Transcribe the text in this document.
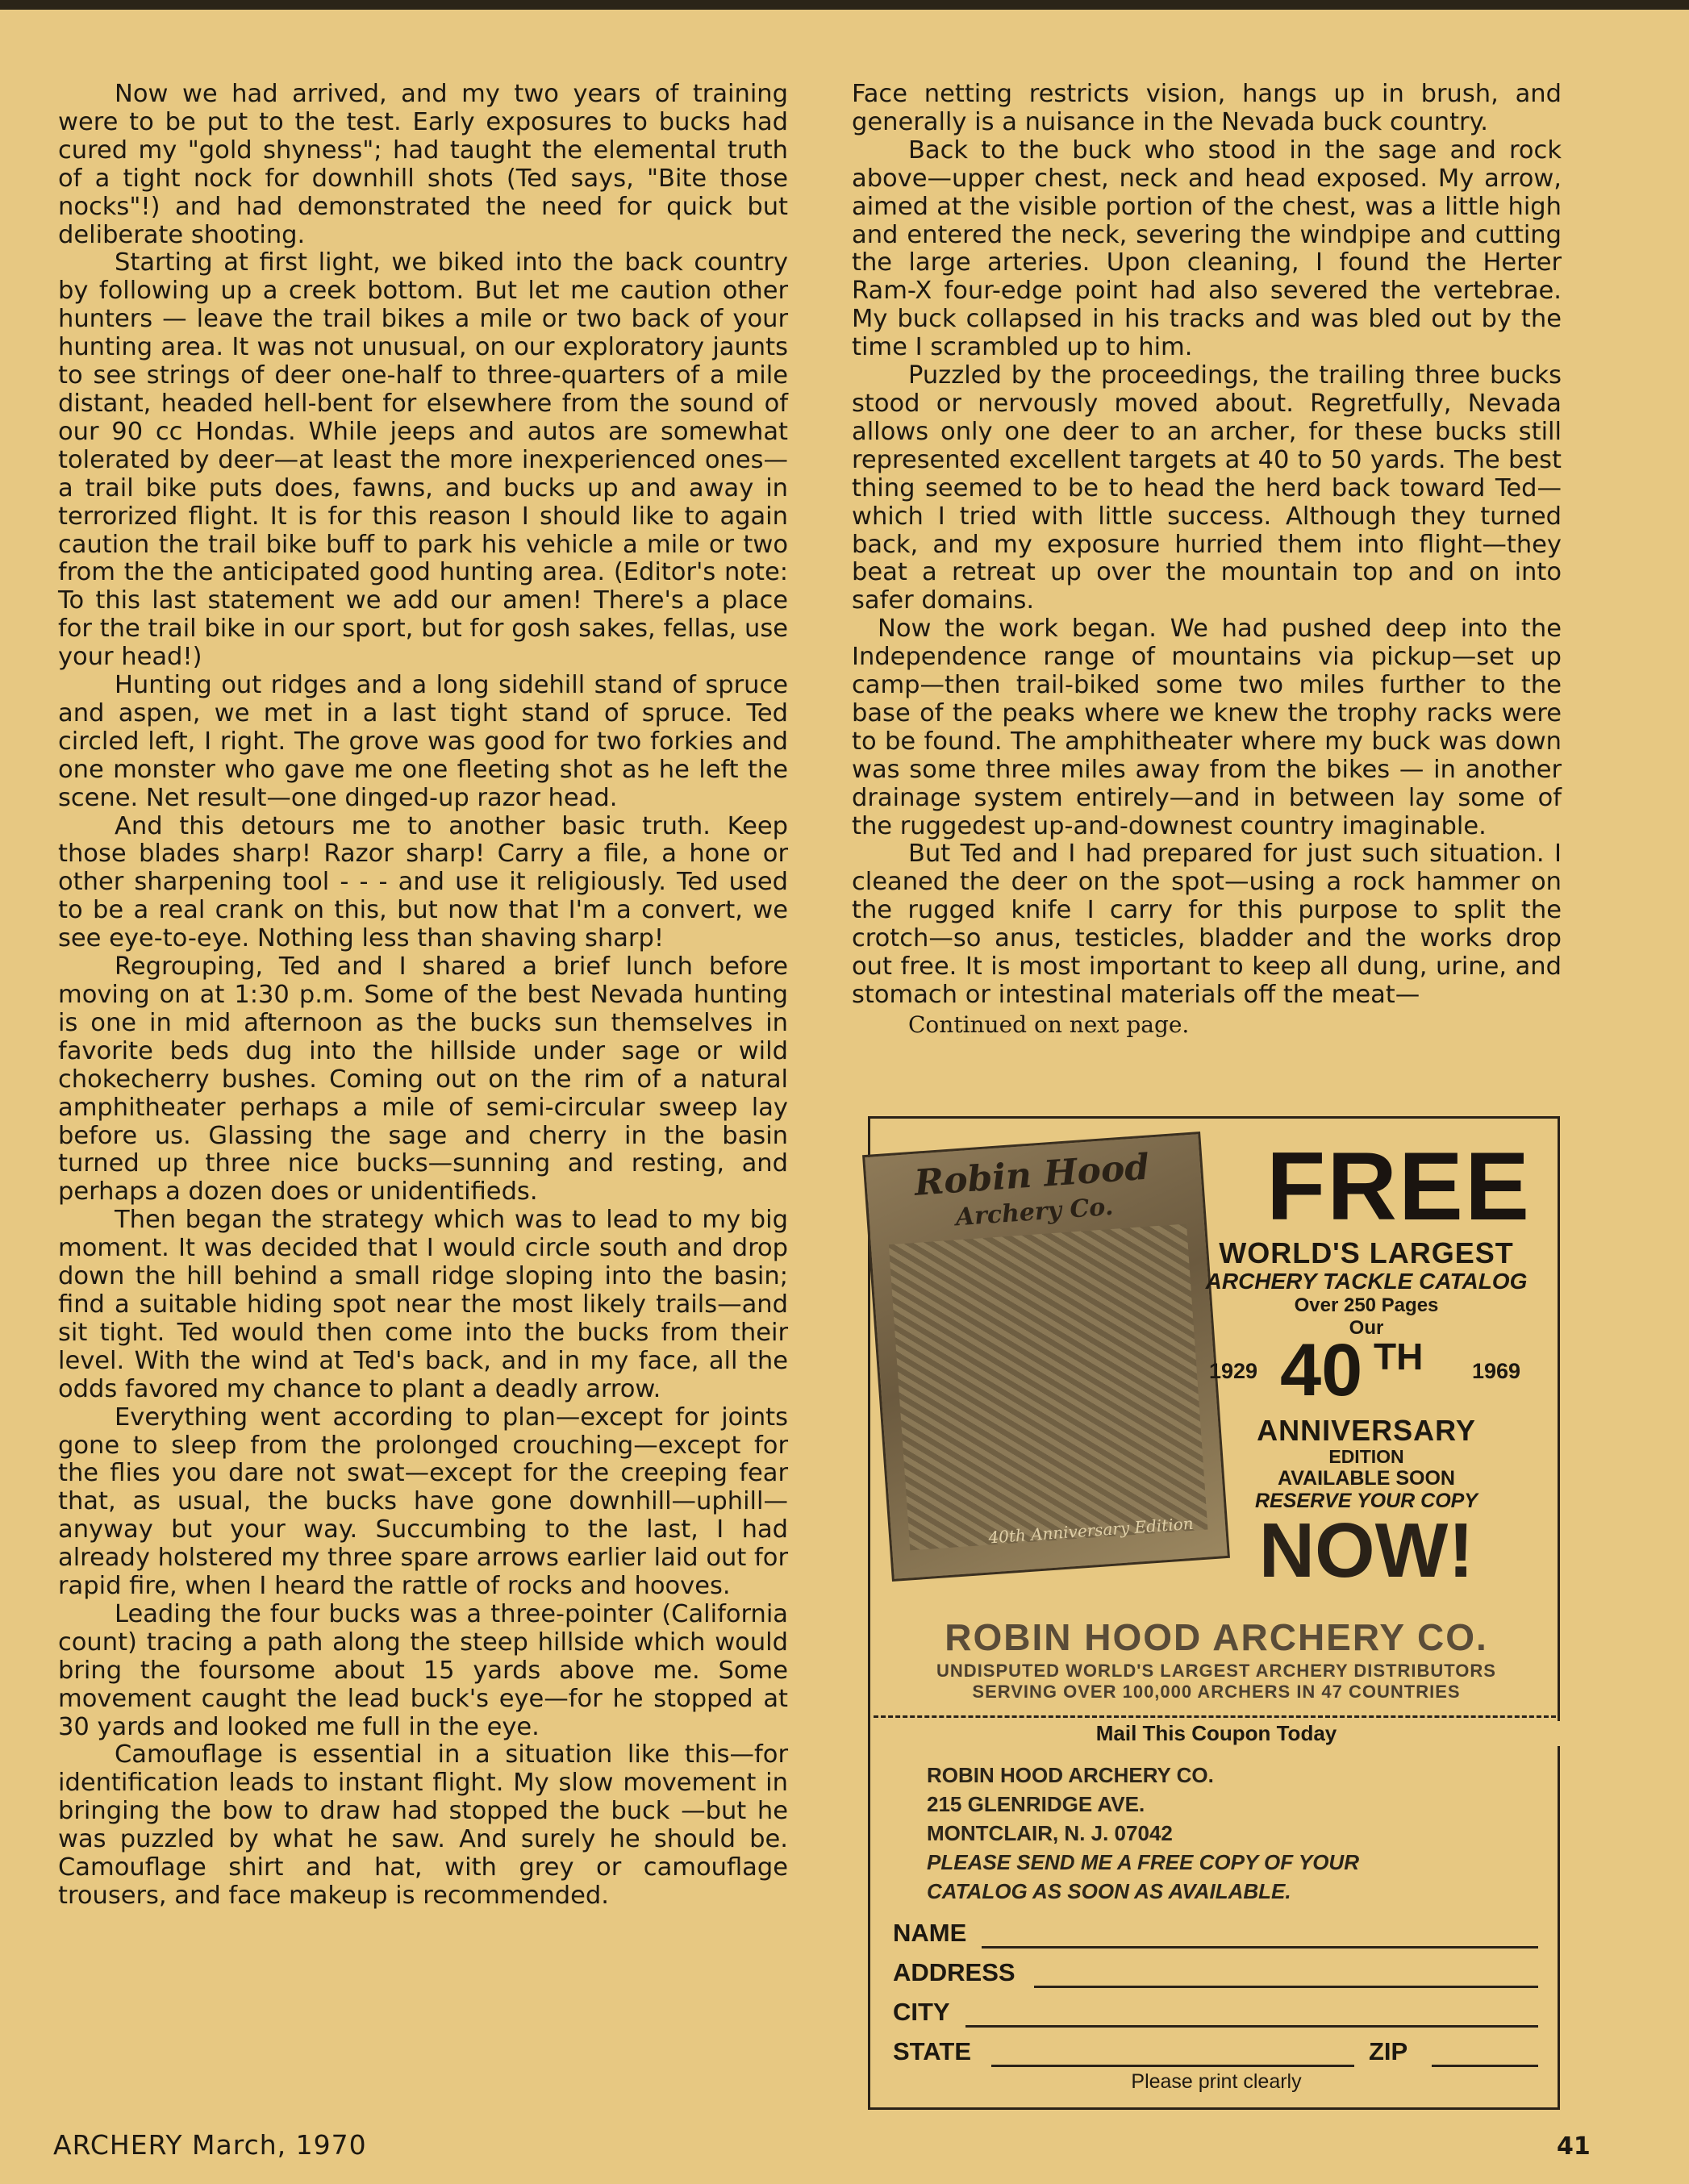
Now we had arrived, and my two years of training were to be put to the test. Early exposures to bucks had cured my "gold shyness"; had taught the elemental truth of a tight nock for downhill shots (Ted says, "Bite those nocks"!) and had demonstrated the need for quick but deliberate shooting.

Starting at first light, we biked into the back country by following up a creek bottom. But let me caution other hunters — leave the trail bikes a mile or two back of your hunting area. It was not unusual, on our exploratory jaunts to see strings of deer one-half to three-quarters of a mile distant, headed hell-bent for elsewhere from the sound of our 90 cc Hondas. While jeeps and autos are somewhat tolerated by deer—at least the more inexperienced ones—a trail bike puts does, fawns, and bucks up and away in terrorized flight. It is for this reason I should like to again caution the trail bike buff to park his vehicle a mile or two from the the anticipated good hunting area. (Editor's note: To this last statement we add our amen! There's a place for the trail bike in our sport, but for gosh sakes, fellas, use your head!)

Hunting out ridges and a long sidehill stand of spruce and aspen, we met in a last tight stand of spruce. Ted circled left, I right. The grove was good for two forkies and one monster who gave me one fleeting shot as he left the scene. Net result—one dinged-up razor head.

And this detours me to another basic truth. Keep those blades sharp! Razor sharp! Carry a file, a hone or other sharpening tool - - - and use it religiously. Ted used to be a real crank on this, but now that I'm a convert, we see eye-to-eye. Nothing less than shaving sharp!

Regrouping, Ted and I shared a brief lunch before moving on at 1:30 p.m. Some of the best Nevada hunting is one in mid afternoon as the bucks sun themselves in favorite beds dug into the hillside under sage or wild chokecherry bushes. Coming out on the rim of a natural amphitheater perhaps a mile of semi-circular sweep lay before us. Glassing the sage and cherry in the basin turned up three nice bucks—sunning and resting, and perhaps a dozen does or unidentifieds.

Then began the strategy which was to lead to my big moment. It was decided that I would circle south and drop down the hill behind a small ridge sloping into the basin; find a suitable hiding spot near the most likely trails—and sit tight. Ted would then come into the bucks from their level. With the wind at Ted's back, and in my face, all the odds favored my chance to plant a deadly arrow.

Everything went according to plan—except for joints gone to sleep from the prolonged crouching—except for the flies you dare not swat—except for the creeping fear that, as usual, the bucks have gone downhill—uphill—anyway but your way. Succumbing to the last, I had already holstered my three spare arrows earlier laid out for rapid fire, when I heard the rattle of rocks and hooves.

Leading the four bucks was a three-pointer (California count) tracing a path along the steep hillside which would bring the foursome about 15 yards above me. Some movement caught the lead buck's eye—for he stopped at 30 yards and looked me full in the eye.

Camouflage is essential in a situation like this—for identification leads to instant flight. My slow movement in bringing the bow to draw had stopped the buck —but he was puzzled by what he saw. And surely he should be. Camouflage shirt and hat, with grey or camouflage trousers, and face makeup is recommended.

Face netting restricts vision, hangs up in brush, and generally is a nuisance in the Nevada buck country.

Back to the buck who stood in the sage and rock above—upper chest, neck and head exposed. My arrow, aimed at the visible portion of the chest, was a little high and entered the neck, severing the windpipe and cutting the large arteries. Upon cleaning, I found the Herter Ram-X four-edge point had also severed the vertebrae. My buck collapsed in his tracks and was bled out by the time I scrambled up to him.

Puzzled by the proceedings, the trailing three bucks stood or nervously moved about. Regretfully, Nevada allows only one deer to an archer, for these bucks still represented excellent targets at 40 to 50 yards. The best thing seemed to be to head the herd back toward Ted—which I tried with little success. Although they turned back, and my exposure hurried them into flight—they beat a retreat up over the mountain top and on into safer domains.

Now the work began. We had pushed deep into the Independence range of mountains via pickup—set up camp—then trail-biked some two miles further to the base of the peaks where we knew the trophy racks were to be found. The amphitheater where my buck was down was some three miles away from the bikes — in another drainage system entirely—and in between lay some of the ruggedest up-and-downest country imaginable.

But Ted and I had prepared for just such situation. I cleaned the deer on the spot—using a rock hammer on the rugged knife I carry for this purpose to split the crotch—so anus, testicles, bladder and the works drop out free. It is most important to keep all dung, urine, and stomach or intestinal materials off the meat—

Continued on next page.

Robin Hood
Archery Co.
40th Anniversary Edition
FREE
WORLD'S LARGEST
ARCHERY TACKLE CATALOG
Over 250 Pages
Our
1929 40 TH 1969
ANNIVERSARY
EDITION
AVAILABLE SOON
RESERVE YOUR COPY
NOW!
ROBIN HOOD ARCHERY CO.
UNDISPUTED WORLD'S LARGEST ARCHERY DISTRIBUTORS
SERVING OVER 100,000 ARCHERS IN 47 COUNTRIES
Mail This Coupon Today
ROBIN HOOD ARCHERY CO.
215 GLENRIDGE AVE.
MONTCLAIR, N. J. 07042
PLEASE SEND ME A FREE COPY OF YOUR
CATALOG AS SOON AS AVAILABLE.
NAME
ADDRESS
CITY
STATE	ZIP
Please print clearly
ARCHERY March, 1970	41
